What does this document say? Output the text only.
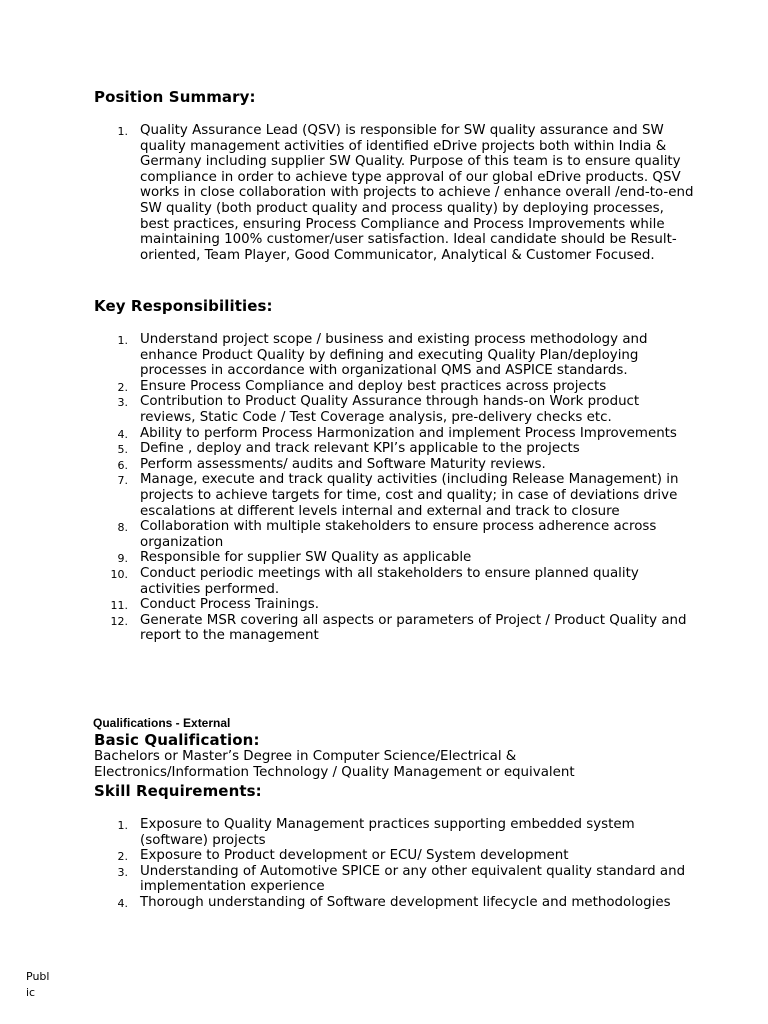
Position Summary:
1. Quality Assurance Lead (QSV) is responsible for SW quality assurance and SW quality management activities of identified eDrive projects both within India & Germany including supplier SW Quality. Purpose of this team is to ensure quality compliance in order to achieve type approval of our global eDrive products. QSV works in close collaboration with projects to achieve / enhance overall /end-to-end SW quality (both product quality and process quality) by deploying processes, best practices, ensuring Process Compliance and Process Improvements while maintaining 100% customer/user satisfaction. Ideal candidate should be Result-oriented, Team Player, Good Communicator, Analytical & Customer Focused.
Key Responsibilities:
1. Understand project scope / business and existing process methodology and enhance Product Quality by defining and executing Quality Plan/deploying processes in accordance with organizational QMS and ASPICE standards.
2. Ensure Process Compliance and deploy best practices across projects
3. Contribution to Product Quality Assurance through hands-on Work product reviews, Static Code / Test Coverage analysis, pre-delivery checks etc.
4. Ability to perform Process Harmonization and implement Process Improvements
5. Define , deploy and track relevant KPI’s applicable to the projects
6. Perform assessments/ audits and Software Maturity reviews.
7. Manage, execute and track quality activities (including Release Management) in projects to achieve targets for time, cost and quality; in case of deviations drive escalations at different levels internal and external and track to closure
8. Collaboration with multiple stakeholders to ensure process adherence across organization
9. Responsible for supplier SW Quality as applicable
10. Conduct periodic meetings with all stakeholders to ensure planned quality activities performed.
11. Conduct Process Trainings.
12. Generate MSR covering all aspects or parameters of Project / Product Quality and report to the management

Qualifications - External

Basic Qualification:

Bachelors or Master’s Degree in Computer Science/Electrical & Electronics/Information Technology / Quality Management or equivalent

Skill Requirements:
1. Exposure to Quality Management practices supporting embedded system (software) projects
2. Exposure to Product development or ECU/ System development
3. Understanding of Automotive SPICE or any other equivalent quality standard and implementation experience
4. Thorough understanding of Software development lifecycle and methodologies

Public
